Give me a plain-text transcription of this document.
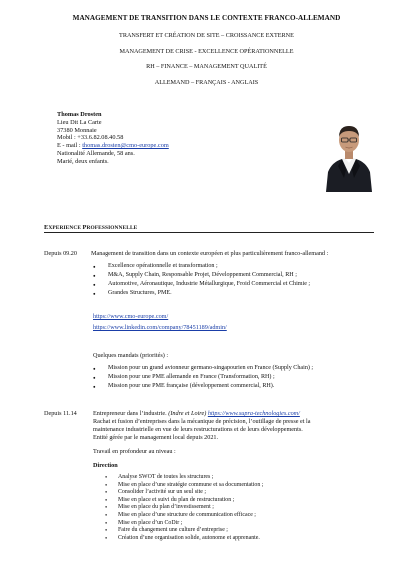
MANAGEMENT DE TRANSITION DANS LE CONTEXTE FRANCO-ALLEMAND
TRANSFERT ET CRÉATION DE SITE – CROISSANCE EXTERNE
MANAGEMENT DE CRISE - EXCELLENCE OPÉRATIONNELLE
RH – FINANCE – MANAGEMENT QUALITÉ
ALLEMAND – FRANÇAIS - ANGLAIS
Thomas Drosten
Lieu Dit La Carte
37380 Monnaie
Mobil : +33.6.82.08.40.58
E - mail : thomas.drosten@cmo-europe.com
Nationalité Allemande, 58 ans.
Marié, deux enfants.
EXPERIENCE PROFESSIONNELLE
Depuis 09.20 Management de transition dans un contexte européen et plus particulièrement franco-allemand :
● Excellence opérationnelle et transformation ;
● M&A, Supply Chain, Responsable Projet, Développement Commercial, RH ;
● Automotive, Aéronautique, Industrie Métallurgique, Froid Commercial et Chimie ;
● Grandes Structures, PME.
https://www.cmo-europe.com/
https://www.linkedin.com/company/78451189/admin/
Quelques mandats (priorités) :
● Mission pour un grand avionneur germano-singapourien en France (Supply Chain) ;
● Mission pour une PME allemande en France (Transformation, RH) ;
● Mission pour une PME française (développement commercial, RH).
Depuis 11.14	Entrepreneur dans l’industrie. (Indre et Loire) https://www.supra-technologies.com/
Rachat et fusion d’entreprises dans la mécanique de précision, l’outillage de presse et la
maintenance industrielle en vue de leurs restructurations et de leurs développements.
Entité gérée par le management local depuis 2021.
Travail en profondeur au niveau :
Direction
● Analyse SWOT de toutes les structures ;
● Mise en place d’une stratégie commune et sa documentation ;
● Consolider l’activité sur un seul site ;
● Mise en place et suivi du plan de restructuration ;
● Mise en place du plan d’investissement ;
● Mise en place d’une structure de communication efficace ;
● Mise en place d’un CoDir ;
● Faire du changement une culture d’entreprise ;
● Création d’une organisation solide, autonome et apprenante.
